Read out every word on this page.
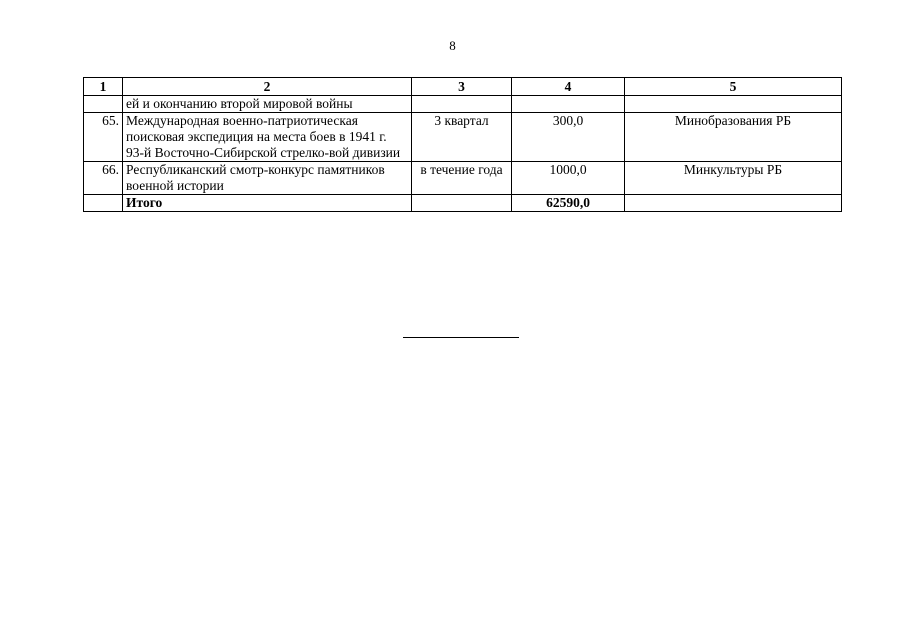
8
1	2	3	4	5
	ей и окончанию второй мировой войны			
65.	Международная военно-патриотическая поисковая экспедиция на места боев в 1941 г. 93-й Восточно-Сибирской стрелко-вой дивизии	3 квартал	300,0	Минобразования РБ
66.	Республиканский смотр-конкурс памятников военной истории	в течение года	1000,0	Минкультуры РБ
	Итого		62590,0	
